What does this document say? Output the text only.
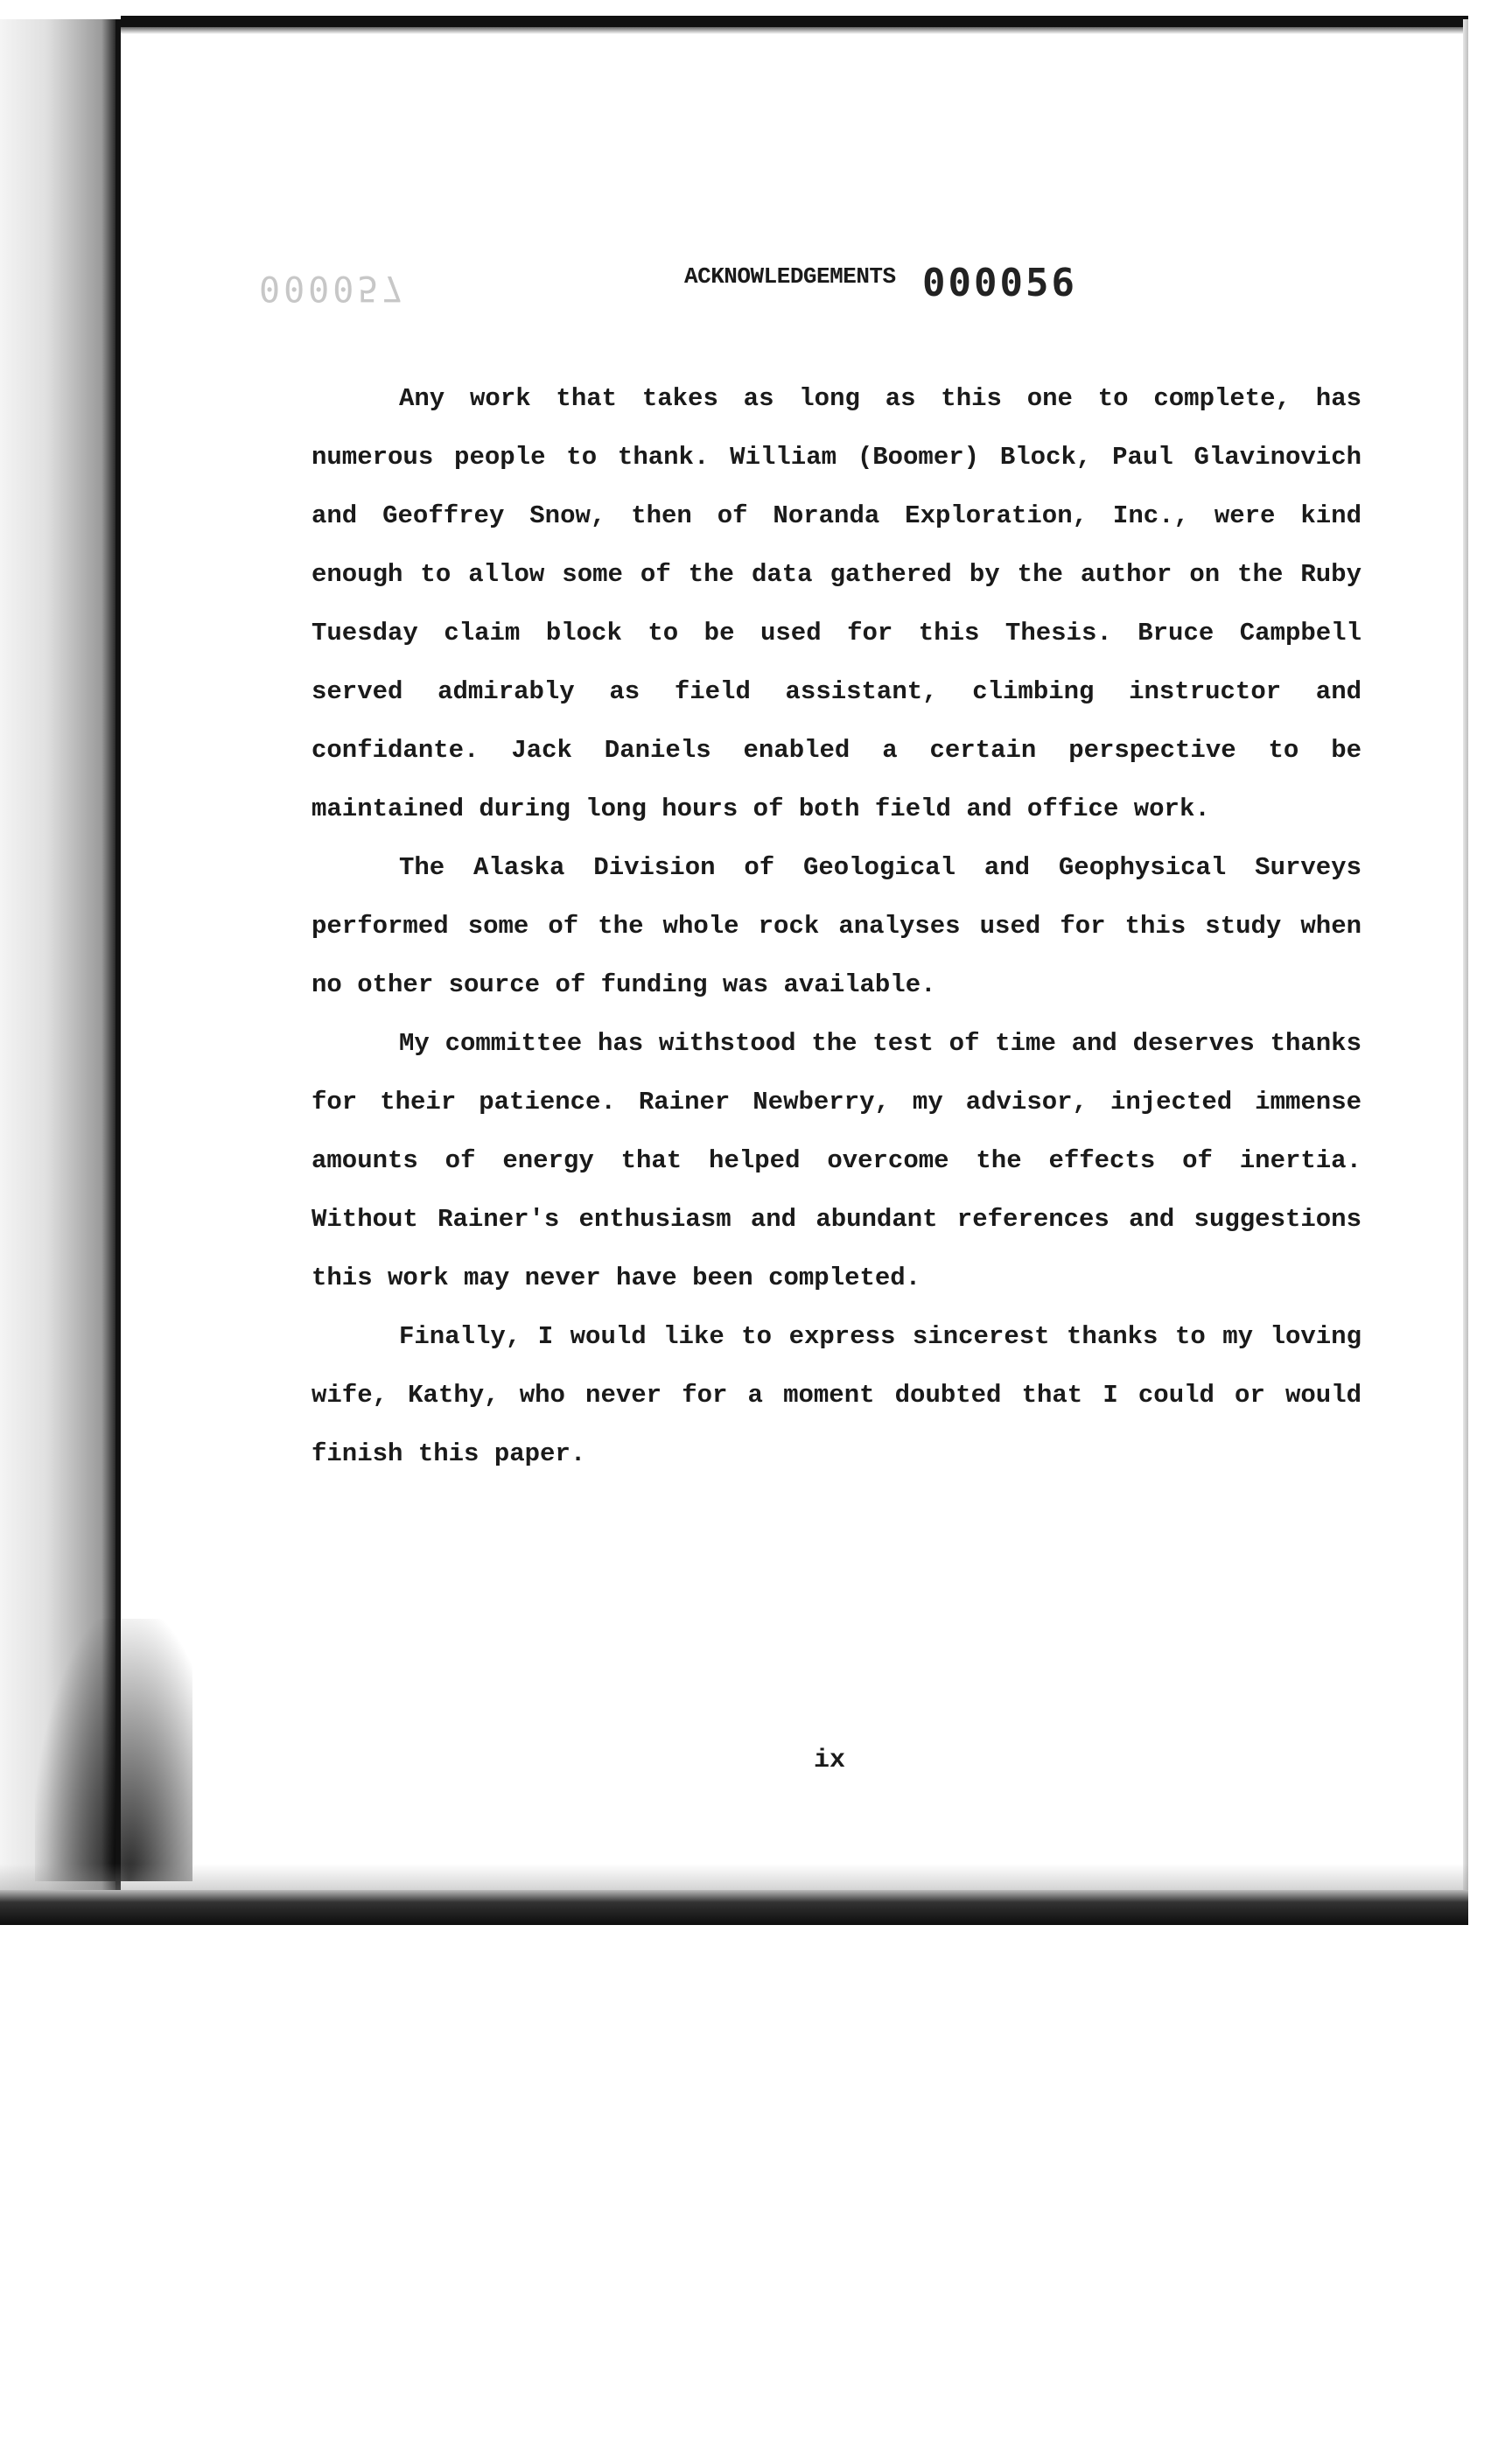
000057	ACKNOWLEDGEMENTS 000056

Any work that takes as long as this one to complete, has numerous people to thank. William (Boomer) Block, Paul Glavinovich and Geoffrey Snow, then of Noranda Exploration, Inc., were kind enough to allow some of the data gathered by the author on the Ruby Tuesday claim block to be used for this Thesis. Bruce Campbell served admirably as field assistant, climbing instructor and confidante. Jack Daniels enabled a certain perspective to be maintained during long hours of both field and office work.

The Alaska Division of Geological and Geophysical Surveys performed some of the whole rock analyses used for this study when no other source of funding was available.

My committee has withstood the test of time and deserves thanks for their patience. Rainer Newberry, my advisor, injected immense amounts of energy that helped overcome the effects of inertia. Without Rainer's enthusiasm and abundant references and suggestions this work may never have been completed.

Finally, I would like to express sincerest thanks to my loving wife, Kathy, who never for a moment doubted that I could or would finish this paper.

ix
